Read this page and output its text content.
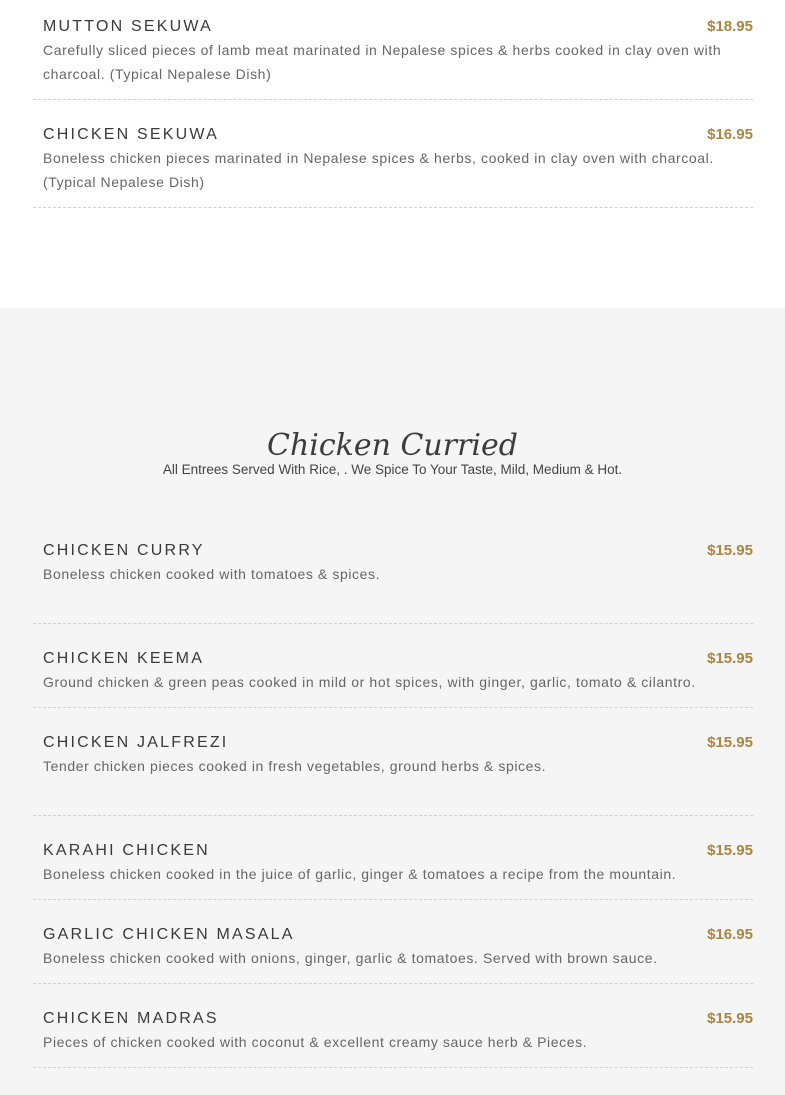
MUTTON SEKUWA	$18.95
Carefully sliced pieces of lamb meat marinated in Nepalese spices & herbs cooked in clay oven with charcoal. (Typical Nepalese Dish)
CHICKEN SEKUWA	$16.95
Boneless chicken pieces marinated in Nepalese spices & herbs, cooked in clay oven with charcoal. (Typical Nepalese Dish)
Chicken Curried
All Entrees Served With Rice, . We Spice To Your Taste, Mild, Medium & Hot.
CHICKEN CURRY	$15.95
Boneless chicken cooked with tomatoes & spices.
CHICKEN KEEMA	$15.95
Ground chicken & green peas cooked in mild or hot spices, with ginger, garlic, tomato & cilantro.
CHICKEN JALFREZI	$15.95
Tender chicken pieces cooked in fresh vegetables, ground herbs & spices.
KARAHI CHICKEN	$15.95
Boneless chicken cooked in the juice of garlic, ginger & tomatoes a recipe from the mountain.
GARLIC CHICKEN MASALA	$16.95
Boneless chicken cooked with onions, ginger, garlic & tomatoes. Served with brown sauce.
CHICKEN MADRAS	$15.95
Pieces of chicken cooked with coconut & excellent creamy sauce herb & Pieces.
